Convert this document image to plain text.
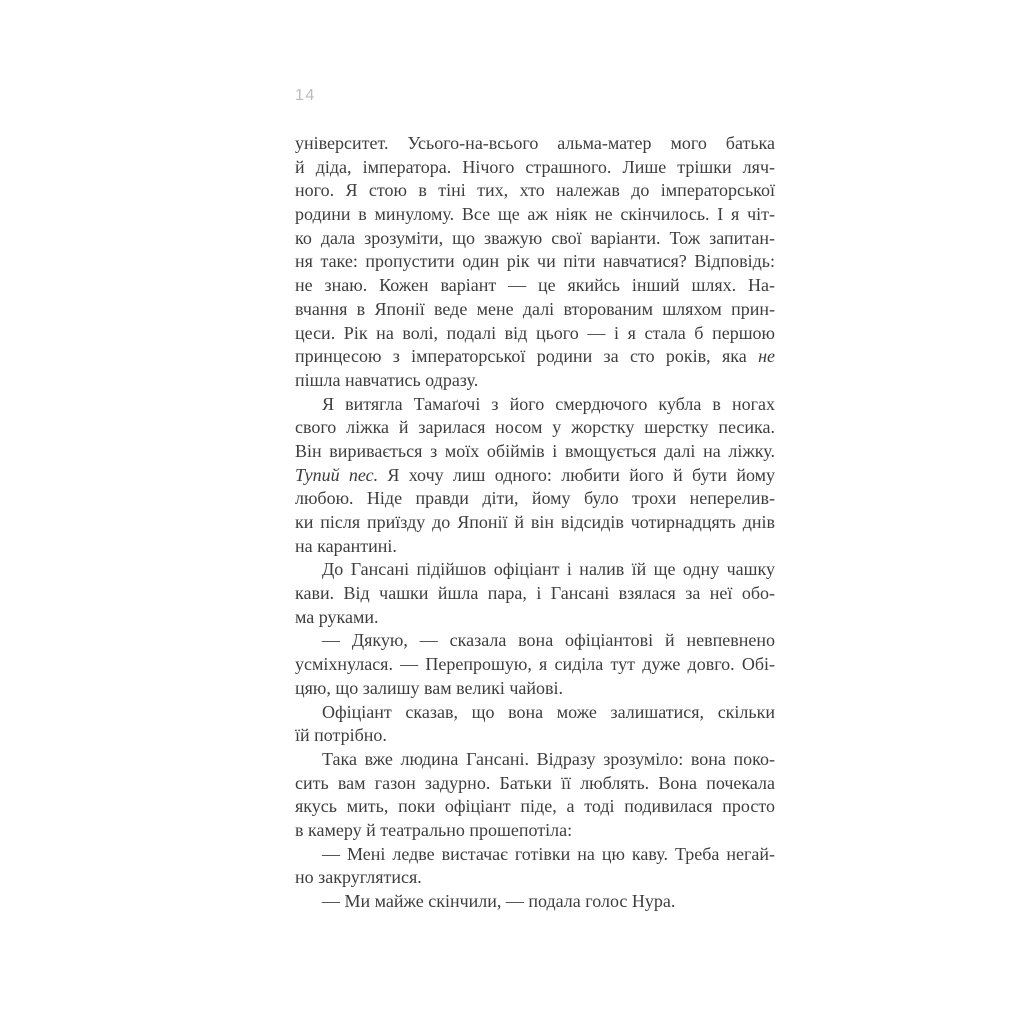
14
університет. Усього-на-всього альма-матер мого батька
й діда, імператора. Нічого страшного. Лише трішки ляч-
ного. Я стою в тіні тих, хто належав до імператорської
родини в минулому. Все ще аж ніяк не скінчилось. І я чіт-
ко дала зрозуміти, що зважую свої варіанти. Тож запитан-
ня таке: пропустити один рік чи піти навчатися? Відповідь:
не знаю. Кожен варіант — це якийсь інший шлях. На-
вчання в Японії веде мене далі второваним шляхом прин-
цеси. Рік на волі, подалі від цього — і я стала б першою
принцесою з імператорської родини за сто років, яка не
пішла навчатись одразу.
Я витягла Тамаґочі з його смердючого кубла в ногах
свого ліжка й зарилася носом у жорстку шерстку песика.
Він виривається з моїх обіймів і вмощується далі на ліжку.
Тупий пес. Я хочу лиш одного: любити його й бути йому
любою. Ніде правди діти, йому було трохи неперелив-
ки після приїзду до Японії й він відсидів чотирнадцять днів
на карантині.
До Гансані підійшов офіціант і налив їй ще одну чашку
кави. Від чашки йшла пара, і Гансані взялася за неї обо-
ма руками.
— Дякую, — сказала вона офіціантові й невпевнено
усміхнулася. — Перепрошую, я сиділа тут дуже довго. Обі-
цяю, що залишу вам великі чайові.
Офіціант сказав, що вона може залишатися, скільки
їй потрібно.
Така вже людина Гансані. Відразу зрозуміло: вона поко-
сить вам газон задурно. Батьки її люблять. Вона почекала
якусь мить, поки офіціант піде, а тоді подивилася просто
в камеру й театрально прошепотіла:
— Мені ледве вистачає готівки на цю каву. Треба негай-
но закруглятися.
— Ми майже скінчили, — подала голос Нура.
